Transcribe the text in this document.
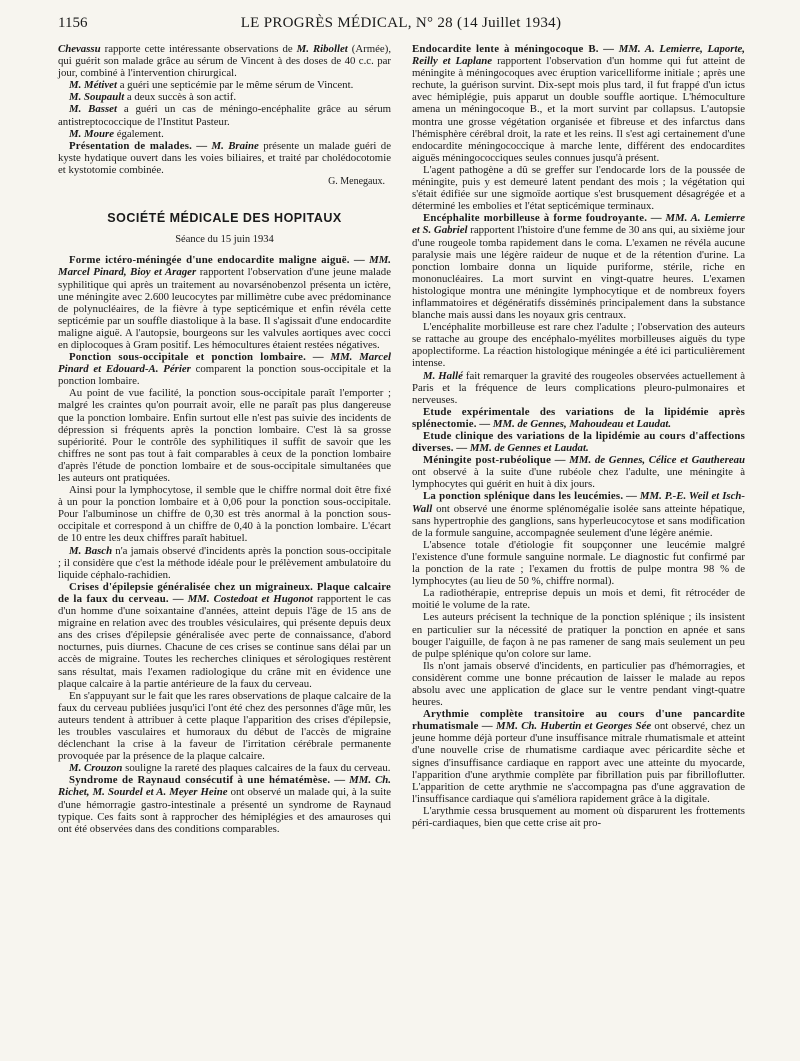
1156	LE PROGRÈS MÉDICAL, N° 28 (14 Juillet 1934)

Chevassu rapporte cette intéressante observations de M. Ribollet (Armée), qui guérit son malade grâce au sérum de Vincent à des doses de 40 c.c. par jour, combiné à l'intervention chirurgical.

M. Métivet a guéri une septicémie par le même sérum de Vincent.

M. Soupault a deux succès à son actif.

M. Basset a guéri un cas de méningo-encéphalite grâce au sérum antistreptococcique de l'Institut Pasteur.

M. Moure également.

Présentation de malades. — M. Braine présente un malade guéri de kyste hydatique ouvert dans les voies biliaires, et traité par cholédocotomie et kystotomie combinée.

G. Menegaux.

SOCIÉTÉ MÉDICALE DES HOPITAUX
Séance du 15 juin 1934

Forme ictéro-méningée d'une endocardite maligne aiguë. — MM. Marcel Pinard, Bioy et Arager rapportent l'observation d'une jeune malade syphilitique qui après un traitement au novarsénobenzol présenta un ictère, une méningite avec 2.600 leucocytes par millimètre cube avec prédominance de polynucléaires, de la fièvre à type septicémique et enfin révéla cette septicémie par un souffle diastolique à la base. Il s'agissait d'une endocardite maligne aiguë. A l'autopsie, bourgeons sur les valvules aortiques avec cocci en diplocoques à Gram positif. Les hémocultures étaient restées négatives.

Ponction sous-occipitale et ponction lombaire. — MM. Marcel Pinard et Edouard-A. Périer comparent la ponction sous-occipitale et la ponction lombaire.

Au point de vue facilité, la ponction sous-occipitale paraît l'emporter ; malgré les craintes qu'on pourrait avoir, elle ne paraît pas plus dangereuse que la ponction lombaire. Enfin surtout elle n'est pas suivie des incidents de dépression si fréquents après la ponction lombaire. C'est là sa grosse supériorité. Pour le contrôle des syphilitiques il suffit de savoir que les chiffres ne sont pas tout à fait comparables à ceux de la ponction lombaire d'après l'étude de ponction lombaire et de sous-occipitale simultanées que les auteurs ont pratiquées.

Ainsi pour la lymphocytose, il semble que le chiffre normal doit être fixé à un pour la ponction lombaire et à 0,06 pour la ponction sous-occipitale. Pour l'albuminose un chiffre de 0,30 est très anormal à la ponction sous-occipitale et correspond à un chiffre de 0,40 à la ponction lombaire. L'écart de 10 entre les deux chiffres paraît habituel.

M. Basch n'a jamais observé d'incidents après la ponction sous-occipitale ; il considère que c'est la méthode idéale pour le prélèvement ambulatoire du liquide céphalo-rachidien.

Crises d'épilepsie généralisée chez un migraineux. Plaque calcaire de la faux du cerveau. — MM. Costedoat et Hugonot rapportent le cas d'un homme d'une soixantaine d'années, atteint depuis l'âge de 15 ans de migraine en relation avec des troubles vésiculaires, qui présente depuis deux ans des crises d'épilepsie généralisée avec perte de connaissance, d'abord nocturnes, puis diurnes. Chacune de ces crises se continue sans délai par un accès de migraine. Toutes les recherches cliniques et sérologiques restèrent sans résultat, mais l'examen radiologique du crâne mit en évidence une plaque calcaire à la partie antérieure de la faux du cerveau.

En s'appuyant sur le fait que les rares observations de plaque calcaire de la faux du cerveau publiées jusqu'ici l'ont été chez des personnes d'âge mûr, les auteurs tendent à attribuer à cette plaque l'apparition des crises d'épilepsie, les troubles vasculaires et humoraux du début de l'accès de migraine déclenchant la crise à la faveur de l'irritation cérébrale permanente provoquée par la présence de la plaque calcaire.

M. Crouzon souligne la rareté des plaques calcaires de la faux du cerveau.

Syndrome de Raynaud consécutif à une hématémèse. — MM. Ch. Richet, M. Sourdel et A. Meyer Heine ont observé un malade qui, à la suite d'une hémorragie gastro-intestinale a présenté un syndrome de Raynaud typique. Ces faits sont à rapprocher des hémiplégies et des amauroses qui ont été observées dans des conditions comparables.

Endocardite lente à méningocoque B. — MM. A. Lemierre, Laporte, Reilly et Laplane rapportent l'observation d'un homme qui fut atteint de méningite à méningocoques avec éruption varicelliforme initiale ; après une rechute, la guérison survint. Dix-sept mois plus tard, il fut frappé d'un ictus avec hémiplégie, puis apparut un double souffle aortique. L'hémoculture amena un méningocoque B., et la mort survint par collapsus. L'autopsie montra une grosse végétation organisée et fibreuse et des infarctus dans l'hémisphère cérébral droit, la rate et les reins. Il s'est agi certainement d'une endocardite méningococcique à marche lente, différent des endocardites aiguës méningococciques seules connues jusqu'à présent.

L'agent pathogène a dû se greffer sur l'endocarde lors de la poussée de méningite, puis y est demeuré latent pendant des mois ; la végétation qui s'était édifiée sur une sigmoïde aortique s'est brusquement désagrégée et a déterminé les embolies et l'état septicémique terminaux.

Encéphalite morbilleuse à forme foudroyante. — MM. A. Lemierre et S. Gabriel rapportent l'histoire d'une femme de 30 ans qui, au sixième jour d'une rougeole tomba rapidement dans le coma. L'examen ne révéla aucune paralysie mais une légère raideur de nuque et de la rétention d'urine. La ponction lombaire donna un liquide puriforme, stérile, riche en mononucléaires. La mort survint en vingt-quatre heures. L'examen histologique montra une méningite lymphocytique et de nombreux foyers inflammatoires et dégénératifs disséminés principalement dans la substance blanche mais aussi dans les noyaux gris centraux.

L'encéphalite morbilleuse est rare chez l'adulte ; l'observation des auteurs se rattache au groupe des encéphalo-myélites morbilleuses aiguës du type apoplectiforme. La réaction histologique méningée a été ici particulièrement intense.

M. Hallé fait remarquer la gravité des rougeoles observées actuellement à Paris et la fréquence de leurs complications pleuro-pulmonaires et nerveuses.

Etude expérimentale des variations de la lipidémie après splénectomie. — MM. de Gennes, Mahoudeau et Laudat.

Etude clinique des variations de la lipidémie au cours d'affections diverses. — MM. de Gennes et Laudat.

Méningite post-rubéolique — MM. de Gennes, Célice et Gauthereau ont observé à la suite d'une rubéole chez l'adulte, une méningite à lymphocytes qui guérit en huit à dix jours.

La ponction splénique dans les leucémies. — MM. P.-E. Weil et Isch-Wall ont observé une énorme splénomégalie isolée sans atteinte hépatique, sans hypertrophie des ganglions, sans hyperleucocytose et sans modification de la formule sanguine, accompagnée seulement d'une légère anémie.

L'absence totale d'étiologie fit soupçonner une leucémie malgré l'existence d'une formule sanguine normale. Le diagnostic fut confirmé par la ponction de la rate ; l'examen du frottis de pulpe montra 98 % de lymphocytes (au lieu de 50 %, chiffre normal).

La radiothérapie, entreprise depuis un mois et demi, fit rétrocéder de moitié le volume de la rate.

Les auteurs précisent la technique de la ponction splénique ; ils insistent en particulier sur la nécessité de pratiquer la ponction en apnée et sans bouger l'aiguille, de façon à ne pas ramener de sang mais seulement un peu de pulpe splénique qu'on colore sur lame.

Ils n'ont jamais observé d'incidents, en particulier pas d'hémorragies, et considèrent comme une bonne précaution de laisser le malade au repos absolu avec une application de glace sur le ventre pendant vingt-quatre heures.

Arythmie complète transitoire au cours d'une pancardite rhumatismale — MM. Ch. Hubertin et Georges Sée ont observé, chez un jeune homme déjà porteur d'une insuffisance mitrale rhumatismale et atteint d'une nouvelle crise de rhumatisme cardiaque avec péricardite sèche et signes d'insuffisance cardiaque en rapport avec une atteinte du myocarde, l'apparition d'une arythmie complète par fibrillation puis par fibrilloflutter. L'apparition de cette arythmie ne s'accompagna pas d'une aggravation de l'insuffisance cardiaque qui s'améliora rapidement grâce à la digitale.

L'arythmie cessa brusquement au moment où disparurent les frottements péri-cardiaques, bien que cette crise ait pro-
